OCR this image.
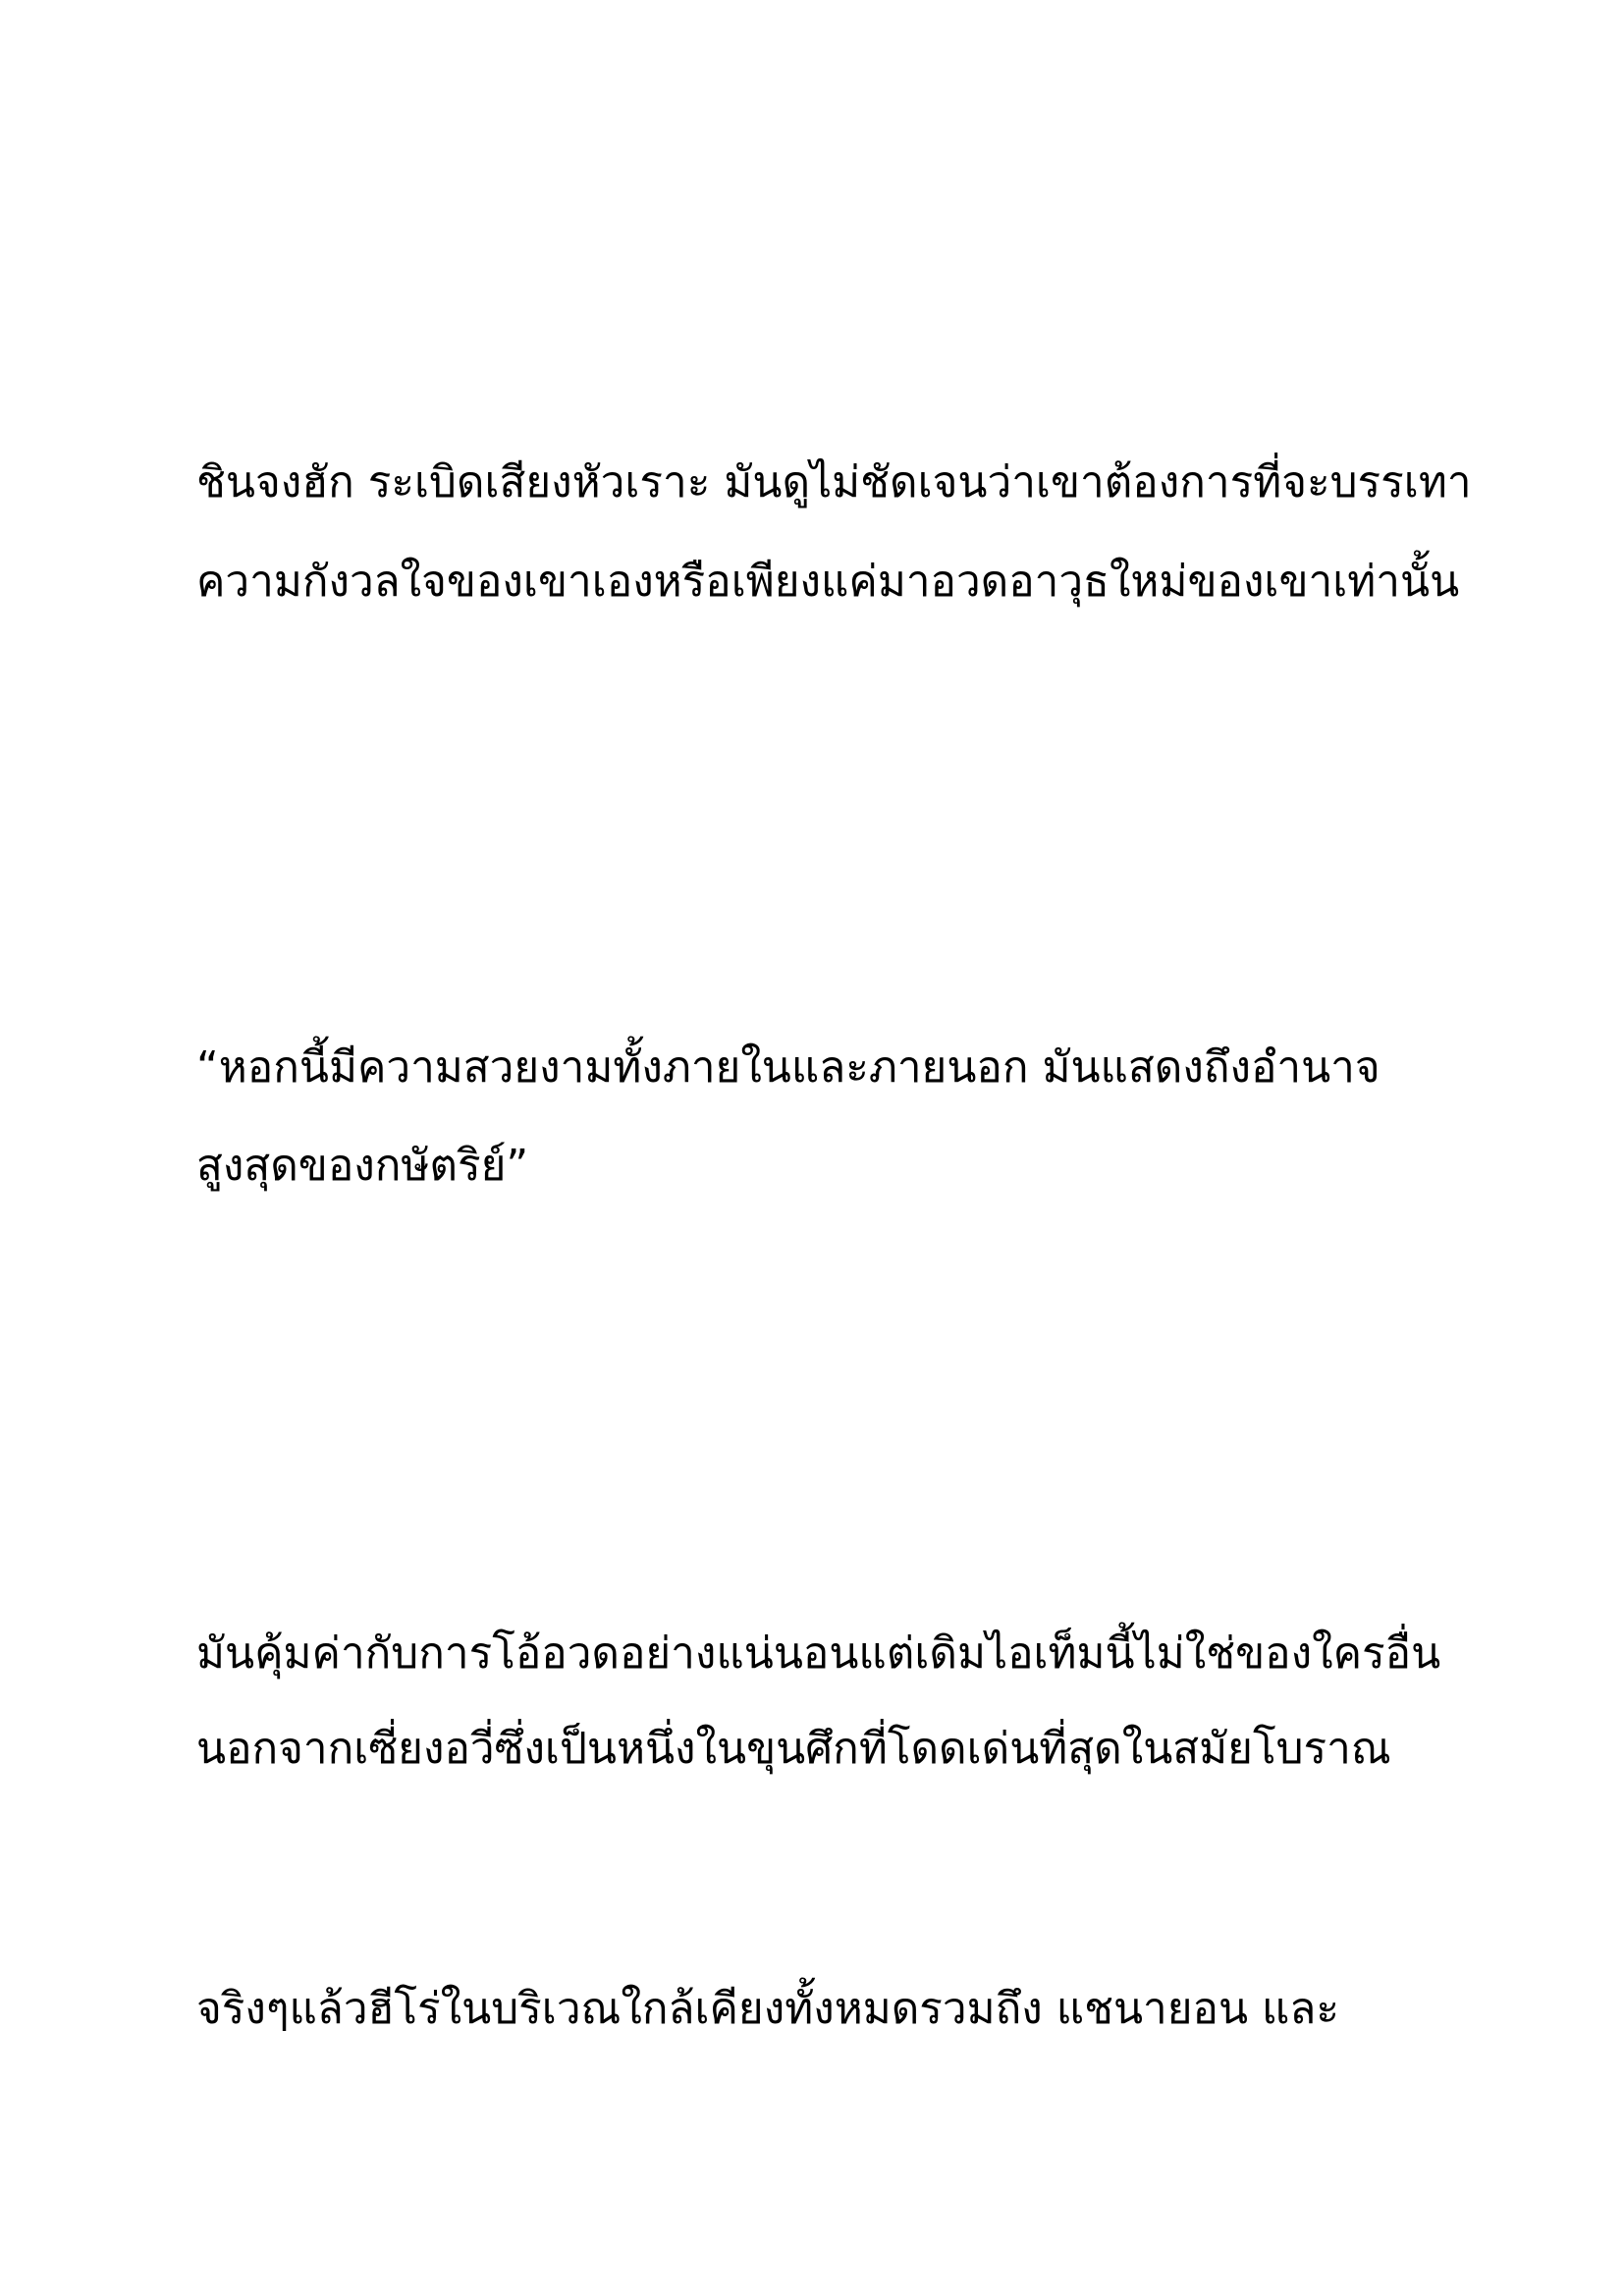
ชินจงฮัก ระเบิดเสียงหัวเราะ มันดูไม่ชัดเจนว่าเขาต้องการที่จะบรรเทา
ความกังวลใจของเขาเองหรือเพียงแค่มาอวดอาวุธใหม่ของเขาเท่านั้น
“หอกนี้มีความสวยงามทั้งภายในและภายนอก มันแสดงถึงอำนาจ
สูงสุดของกษัตริย์”
มันคุ้มค่ากับการโอ้อวดอย่างแน่นอนแต่เดิมไอเท็มนี้ไม่ใช่ของใครอื่น
นอกจากเซี่ยงอวี่ซึ่งเป็นหนึ่งในขุนศึกที่โดดเด่นที่สุดในสมัยโบราณ
จริงๆแล้วฮีโร่ในบริเวณใกล้เคียงทั้งหมดรวมถึง แชนายอน และ
